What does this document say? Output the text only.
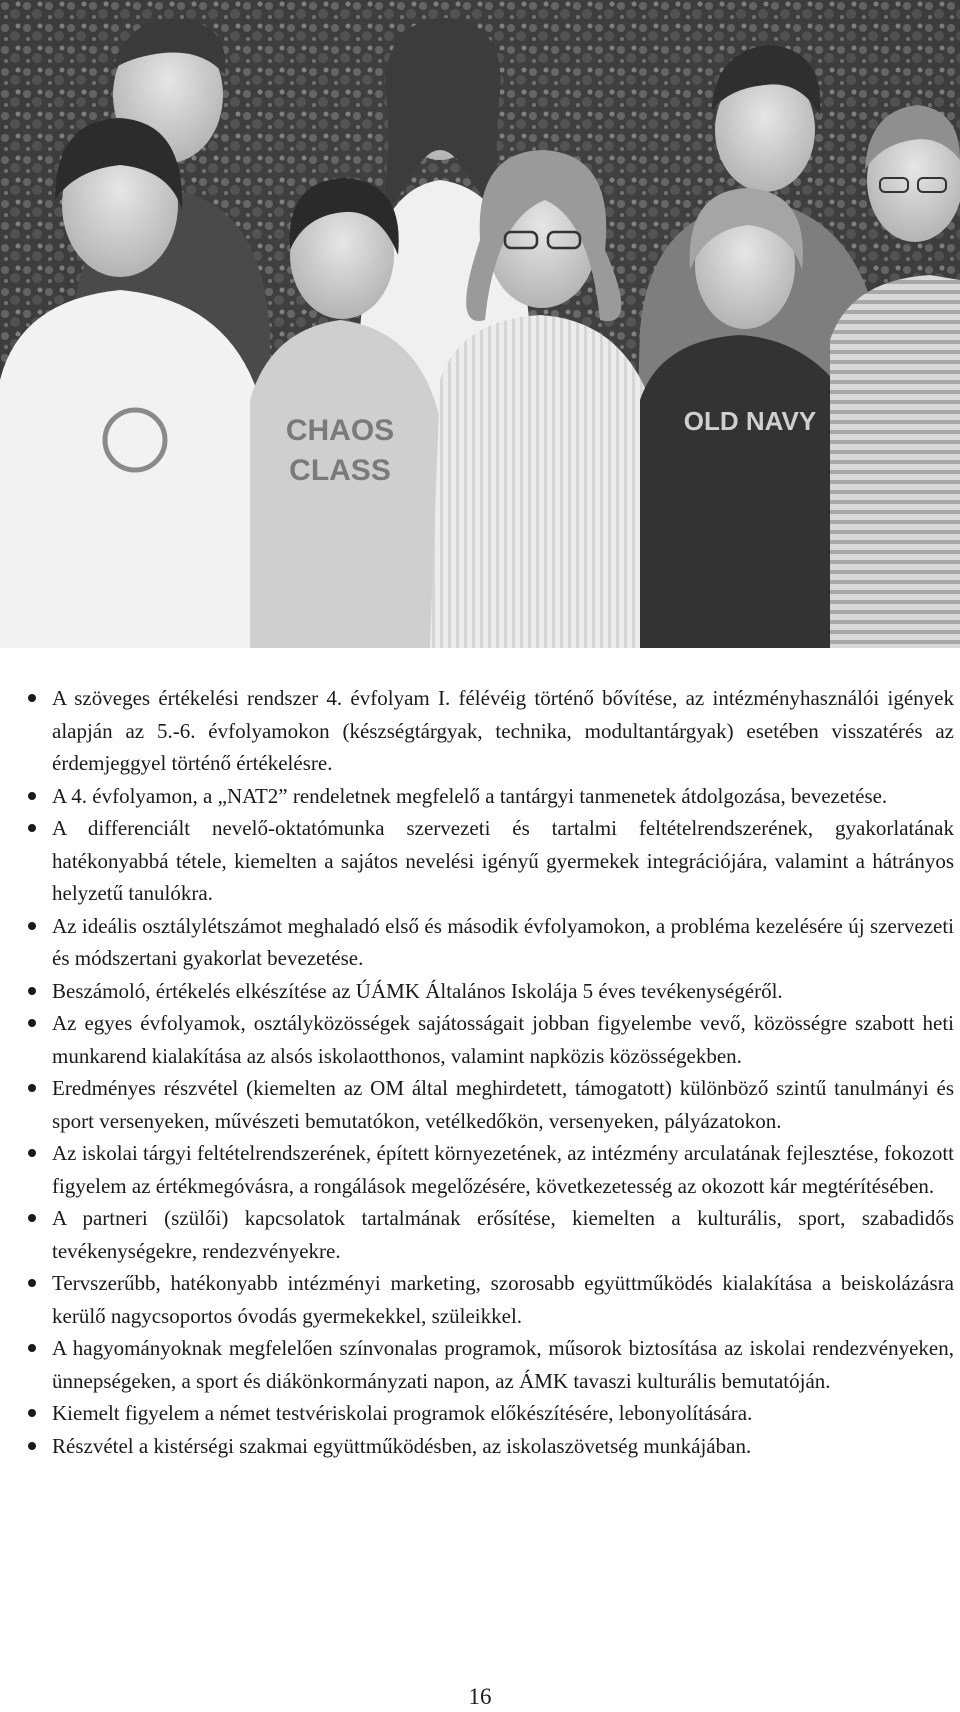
CHAOS
CLASS
OLD NAVY
A szöveges értékelési rendszer 4. évfolyam I. félévéig történő bővítése, az intézményhasználói igények alapján az 5.-6. évfolyamokon (készségtárgyak, technika, modultantárgyak) esetében visszatérés az érdemjeggyel történő értékelésre.
A 4. évfolyamon, a „NAT2” rendeletnek megfelelő a tantárgyi tanmenetek átdolgozása, bevezetése.
A differenciált nevelő-oktatómunka szervezeti és tartalmi feltételrendszerének, gyakorlatának hatékonyabbá tétele, kiemelten a sajátos nevelési igényű gyermekek integrációjára, valamint a hátrányos helyzetű tanulókra.
Az ideális osztálylétszámot meghaladó első és második évfolyamokon, a probléma kezelésére új szervezeti és módszertani gyakorlat bevezetése.
Beszámoló, értékelés elkészítése az ÚÁMK Általános Iskolája 5 éves tevékenységéről.
Az egyes évfolyamok, osztályközösségek sajátosságait jobban figyelembe vevő, közösségre szabott heti munkarend kialakítása az alsós iskolaotthonos, valamint napközis közösségekben.
Eredményes részvétel (kiemelten az OM által meghirdetett, támogatott) különböző szintű tanulmányi és sport versenyeken, művészeti bemutatókon, vetélkedőkön, versenyeken, pályázatokon.
Az iskolai tárgyi feltételrendszerének, épített környezetének, az intézmény arculatának fejlesztése, fokozott figyelem az értékmegóvásra, a rongálások megelőzésére, következetesség az okozott kár megtérítésében.
A partneri (szülői) kapcsolatok tartalmának erősítése, kiemelten a kulturális, sport, szabadidős tevékenységekre, rendezvényekre.
Tervszerűbb, hatékonyabb intézményi marketing, szorosabb együttműködés kialakítása a beiskolázásra kerülő nagycsoportos óvodás gyermekekkel, szüleikkel.
A hagyományoknak megfelelően színvonalas programok, műsorok biztosítása az iskolai rendezvényeken, ünnepségeken, a sport és diákönkormányzati napon, az ÁMK tavaszi kulturális bemutatóján.
Kiemelt figyelem a német testvériskolai programok előkészítésére, lebonyolítására.
Részvétel a kistérségi szakmai együttműködésben, az iskolaszövetség munkájában.
16
